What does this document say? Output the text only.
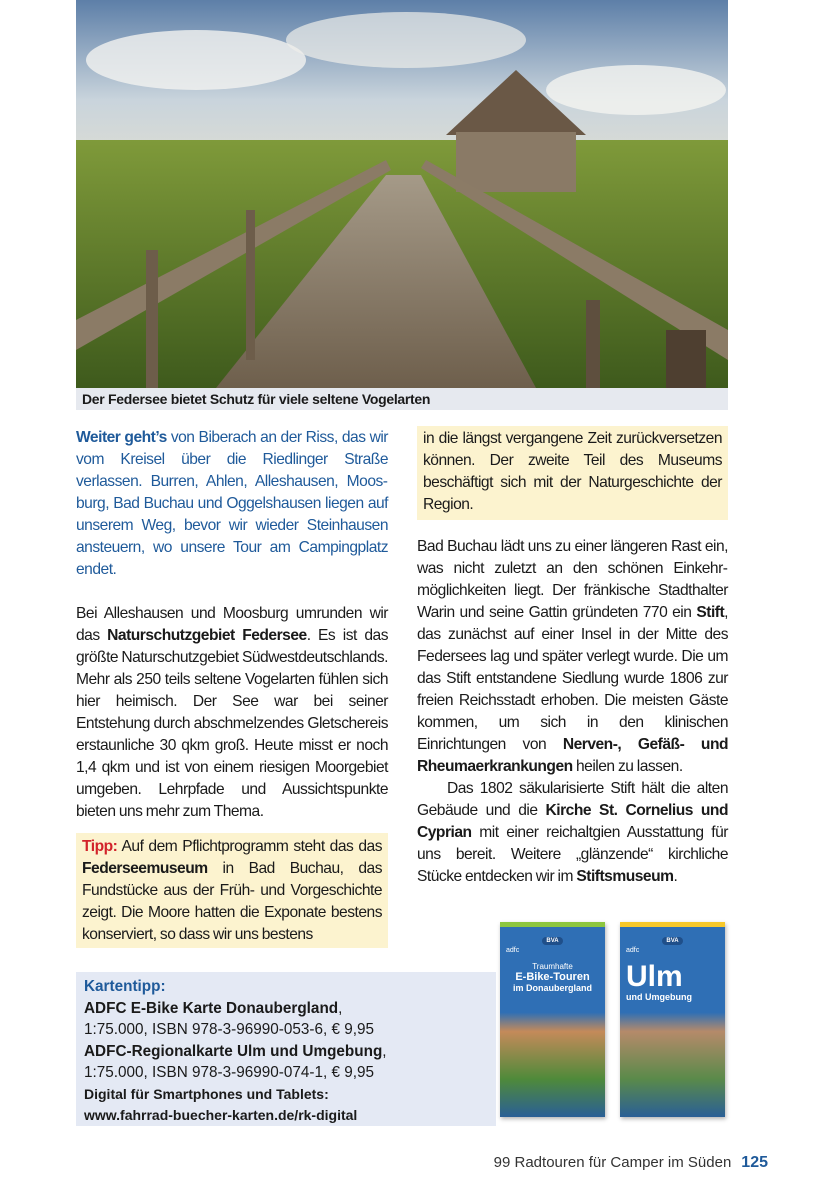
Der Federsee bietet Schutz für viele seltene Vogelarten

Weiter geht’s von Biberach an der Riss, das wir vom Kreisel über die Riedlinger Straße verlassen. Burren, Ahlen, Alleshausen, Moosburg, Bad Buchau und Oggelshausen liegen auf unserem Weg, bevor wir wieder Steinhausen ansteuern, wo unsere Tour am Campingplatz endet.

Bei Alleshausen und Moosburg umrunden wir das Naturschutzgebiet Federsee. Es ist das größte Naturschutzgebiet Südwestdeutschlands. Mehr als 250 teils seltene Vogelarten fühlen sich hier heimisch. Der See war bei seiner Entstehung durch abschmelzendes Gletschereis erstaunliche 30 qkm groß. Heute misst er noch 1,4 qkm und ist von einem riesigen Moorgebiet umgeben. Lehrpfade und Aussichtspunkte bieten uns mehr zum Thema.

Tipp: Auf dem Pflichtprogramm steht das das Federseemuseum in Bad Buchau, das Fundstücke aus der Früh- und Vorgeschichte zeigt. Die Moore hatten die Exponate bestens konserviert, so dass wir uns bestens

in die längst vergangene Zeit zurückversetzen können. Der zweite Teil des Museums beschäftigt sich mit der Naturgeschichte der Region.

Bad Buchau lädt uns zu einer längeren Rast ein, was nicht zuletzt an den schönen Einkehrmöglichkeiten liegt. Der fränkische Stadthalter Warin und seine Gattin gründeten 770 ein Stift, das zunächst auf einer Insel in der Mitte des Federsees lag und später verlegt wurde. Die um das Stift entstandene Siedlung wurde 1806 zur freien Reichsstadt erhoben. Die meisten Gäste kommen, um sich in den klinischen Einrichtungen von Nerven-, Gefäß- und Rheumaerkrankungen heilen zu lassen.

Das 1802 säkularisierte Stift hält die alten Gebäude und die Kirche St. Cornelius und Cyprian mit einer reichaltgien Ausstattung für uns bereit. Weitere „glänzende“ kirchliche Stücke entdecken wir im Stiftsmuseum.

Kartentipp:
ADFC E-Bike Karte Donaubergland,
1:75.000, ISBN 978-3-96990-053-6, € 9,95
ADFC-Regionalkarte Ulm und Umgebung,
1:75.000, ISBN 978-3-96990-074-1, € 9,95
Digital für Smartphones und Tablets:
www.fahrrad-buecher-karten.de/rk-digital
BVA
adfc
Traumhafte
E-Bike-Touren
im Donaubergland
BVA
adfc
Ulm
und Umgebung
99 Radtouren für Camper im Süden 125
